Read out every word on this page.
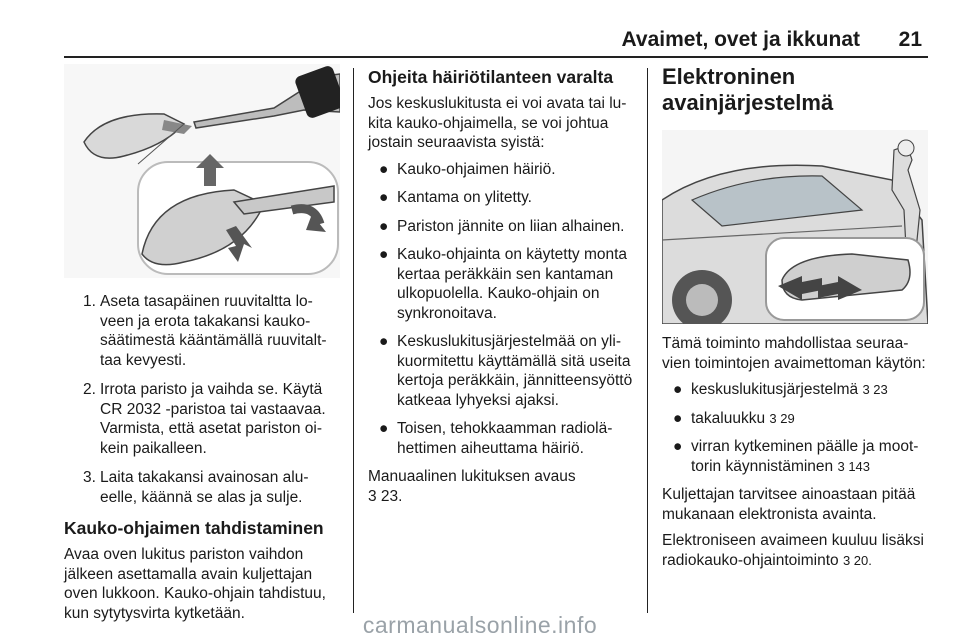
Avaimet, ovet ja ikkunat 21
1. Aseta tasapäinen ruuvitaltta loveen ja erota takakansi kaukosäätimestä kääntämällä ruuvitalttaa kevyesti.
2. Irrota paristo ja vaihda se. Käytä CR 2032 -paristoa tai vastaavaa. Varmista, että asetat pariston oikein paikalleen.
3. Laita takakansi avainosan alueelle, käännä se alas ja sulje.
Kauko-ohjaimen tahdistaminen

Avaa oven lukitus pariston vaihdon jälkeen asettamalla avain kuljettajan oven lukkoon. Kauko-ohjain tahdistuu, kun sytytysvirta kytketään.

Ohjeita häiriötilanteen varalta

Jos keskuslukitusta ei voi avata tai lukita kauko-ohjaimella, se voi johtua jostain seuraavista syistä:

● Kauko-ohjaimen häiriö.
● Kantama on ylitetty.
● Pariston jännite on liian alhainen.
● Kauko-ohjainta on käytetty monta kertaa peräkkäin sen kantaman ulkopuolella. Kauko-ohjain on synkronoitava.
● Keskuslukitusjärjestelmää on ylikuormitettu käyttämällä sitä useita kertoja peräkkäin, jännitteensyöttö katkeaa lyhyeksi ajaksi.
● Toisen, tehokkaamman radiolähettimen aiheuttama häiriö.

Manuaalinen lukituksen avaus
3 23.

Elektroninen
avainjärjestelmä

Tämä toiminto mahdollistaa seuraavien toimintojen avaimettoman käytön:

● keskuslukitusjärjestelmä 3 23
● takaluukku 3 29
● virran kytkeminen päälle ja moottorin käynnistäminen 3 143

Kuljettajan tarvitsee ainoastaan pitää mukanaan elektronista avainta.

Elektroniseen avaimeen kuuluu lisäksi radiokauko-ohjaintoiminto 3 20.

carmanualsonline.info
